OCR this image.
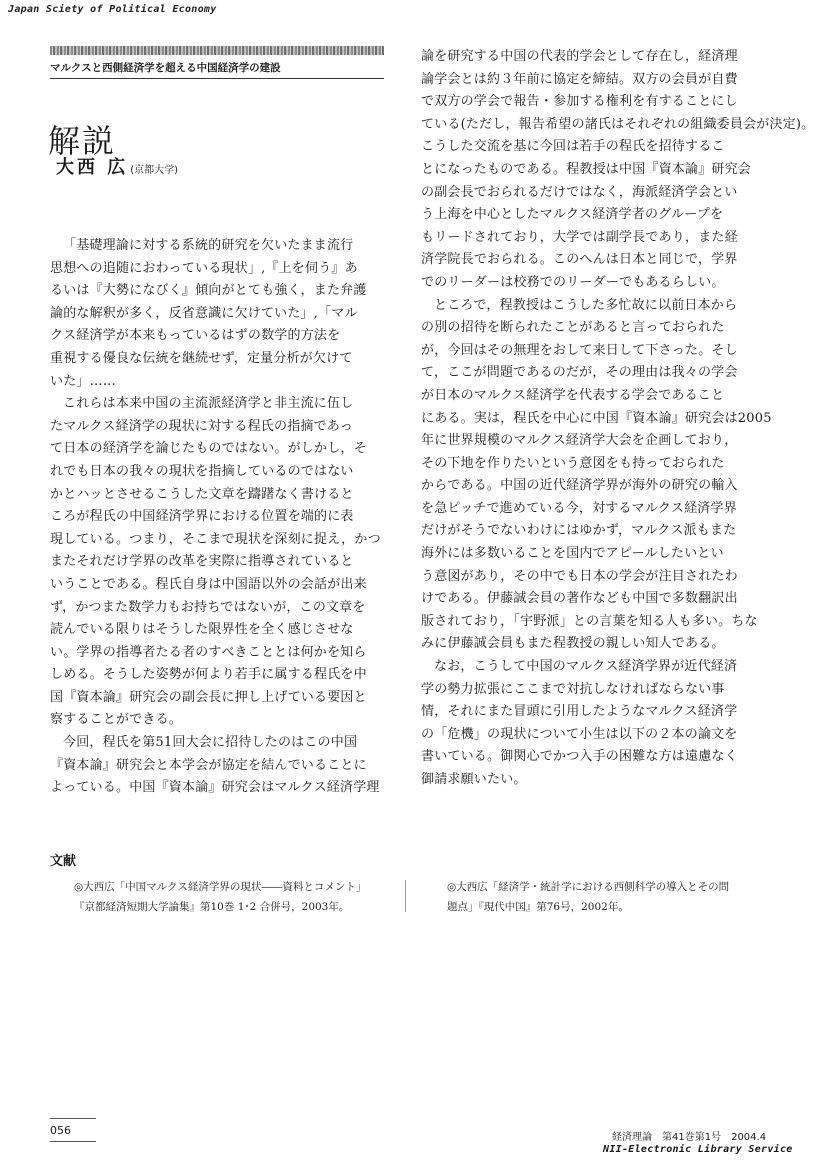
Japan Sciety of Political Economy
マルクスと西側経済学を超える中国経済学の建設
解説
大西 広 (京都大学)
「基礎理論に対する系統的研究を欠いたまま流行
思想への追随におわっている現状」,『上を伺う』あ
るいは『大勢になびく』傾向がとても強く，また弁護
論的な解釈が多く，反省意識に欠けていた」,「マル
クス経済学が本来もっているはずの数学的方法を
重視する優良な伝統を継続せず，定量分析が欠けて
いた」……
これらは本来中国の主流派経済学と非主流に伍し
たマルクス経済学の現状に対する程氏の指摘であっ
て日本の経済学を論じたものではない。がしかし，そ
れでも日本の我々の現状を指摘しているのではない
かとハッとさせるこうした文章を躊躇なく書けると
ころが程氏の中国経済学界における位置を端的に表
現している。つまり，そこまで現状を深刻に捉え，かつ
またそれだけ学界の改革を実際に指導されていると
いうことである。程氏自身は中国語以外の会話が出来
ず，かつまた数学力もお持ちではないが，この文章を
読んでいる限りはそうした限界性を全く感じさせな
い。学界の指導者たる者のすべきこととは何かを知ら
しめる。そうした姿勢が何より若手に属する程氏を中
国『資本論』研究会の副会長に押し上げている要因と
察することができる。
今回，程氏を第51回大会に招待したのはこの中国
『資本論』研究会と本学会が協定を結んでいることに
よっている。中国『資本論』研究会はマルクス経済学理
論を研究する中国の代表的学会として存在し，経済理
論学会とは約３年前に協定を締結。双方の会員が自費
で双方の学会で報告・参加する権利を有することにし
ている(ただし，報告希望の諸氏はそれぞれの組織委員会が決定)。
こうした交流を基に今回は若手の程氏を招待するこ
とになったものである。程教授は中国『資本論』研究会
の副会長でおられるだけではなく，海派経済学会とい
う上海を中心としたマルクス経済学者のグループを
もリードされており，大学では副学長であり，また経
済学院長でおられる。このへんは日本と同じで，学界
でのリーダーは校務でのリーダーでもあるらしい。
ところで，程教授はこうした多忙故に以前日本から
の別の招待を断られたことがあると言っておられた
が，今回はその無理をおして来日して下さった。そし
て，ここが問題であるのだが，その理由は我々の学会
が日本のマルクス経済学を代表する学会であること
にある。実は，程氏を中心に中国『資本論』研究会は2005
年に世界規模のマルクス経済学大会を企画しており，
その下地を作りたいという意図をも持っておられた
からである。中国の近代経済学界が海外の研究の輸入
を急ピッチで進めている今，対するマルクス経済学界
だけがそうでないわけにはゆかず，マルクス派もまた
海外には多数いることを国内でアピールしたいとい
う意図があり，その中でも日本の学会が注目されたわ
けである。伊藤誠会員の著作なども中国で多数翻訳出
版されており，「宇野派」との言葉を知る人も多い。ちな
みに伊藤誠会員もまた程教授の親しい知人である。
なお，こうして中国のマルクス経済学界が近代経済
学の勢力拡張にここまで対抗しなければならない事
情，それにまた冒頭に引用したようなマルクス経済学
の「危機」の現状について小生は以下の２本の論文を
書いている。御関心でかつ入手の困難な方は遠慮なく
御請求願いたい。
文献
◎大西広「中国マルクス経済学界の現状――資料とコメント」
『京都経済短期大学論集』第10巻 1･2 合併号，2003年。
◎大西広「経済学・統計学における西側科学の導入とその問
題点」『現代中国』第76号，2002年。
056
経済理論　第41巻第1号　2004.4
NII-Electronic Library Service
